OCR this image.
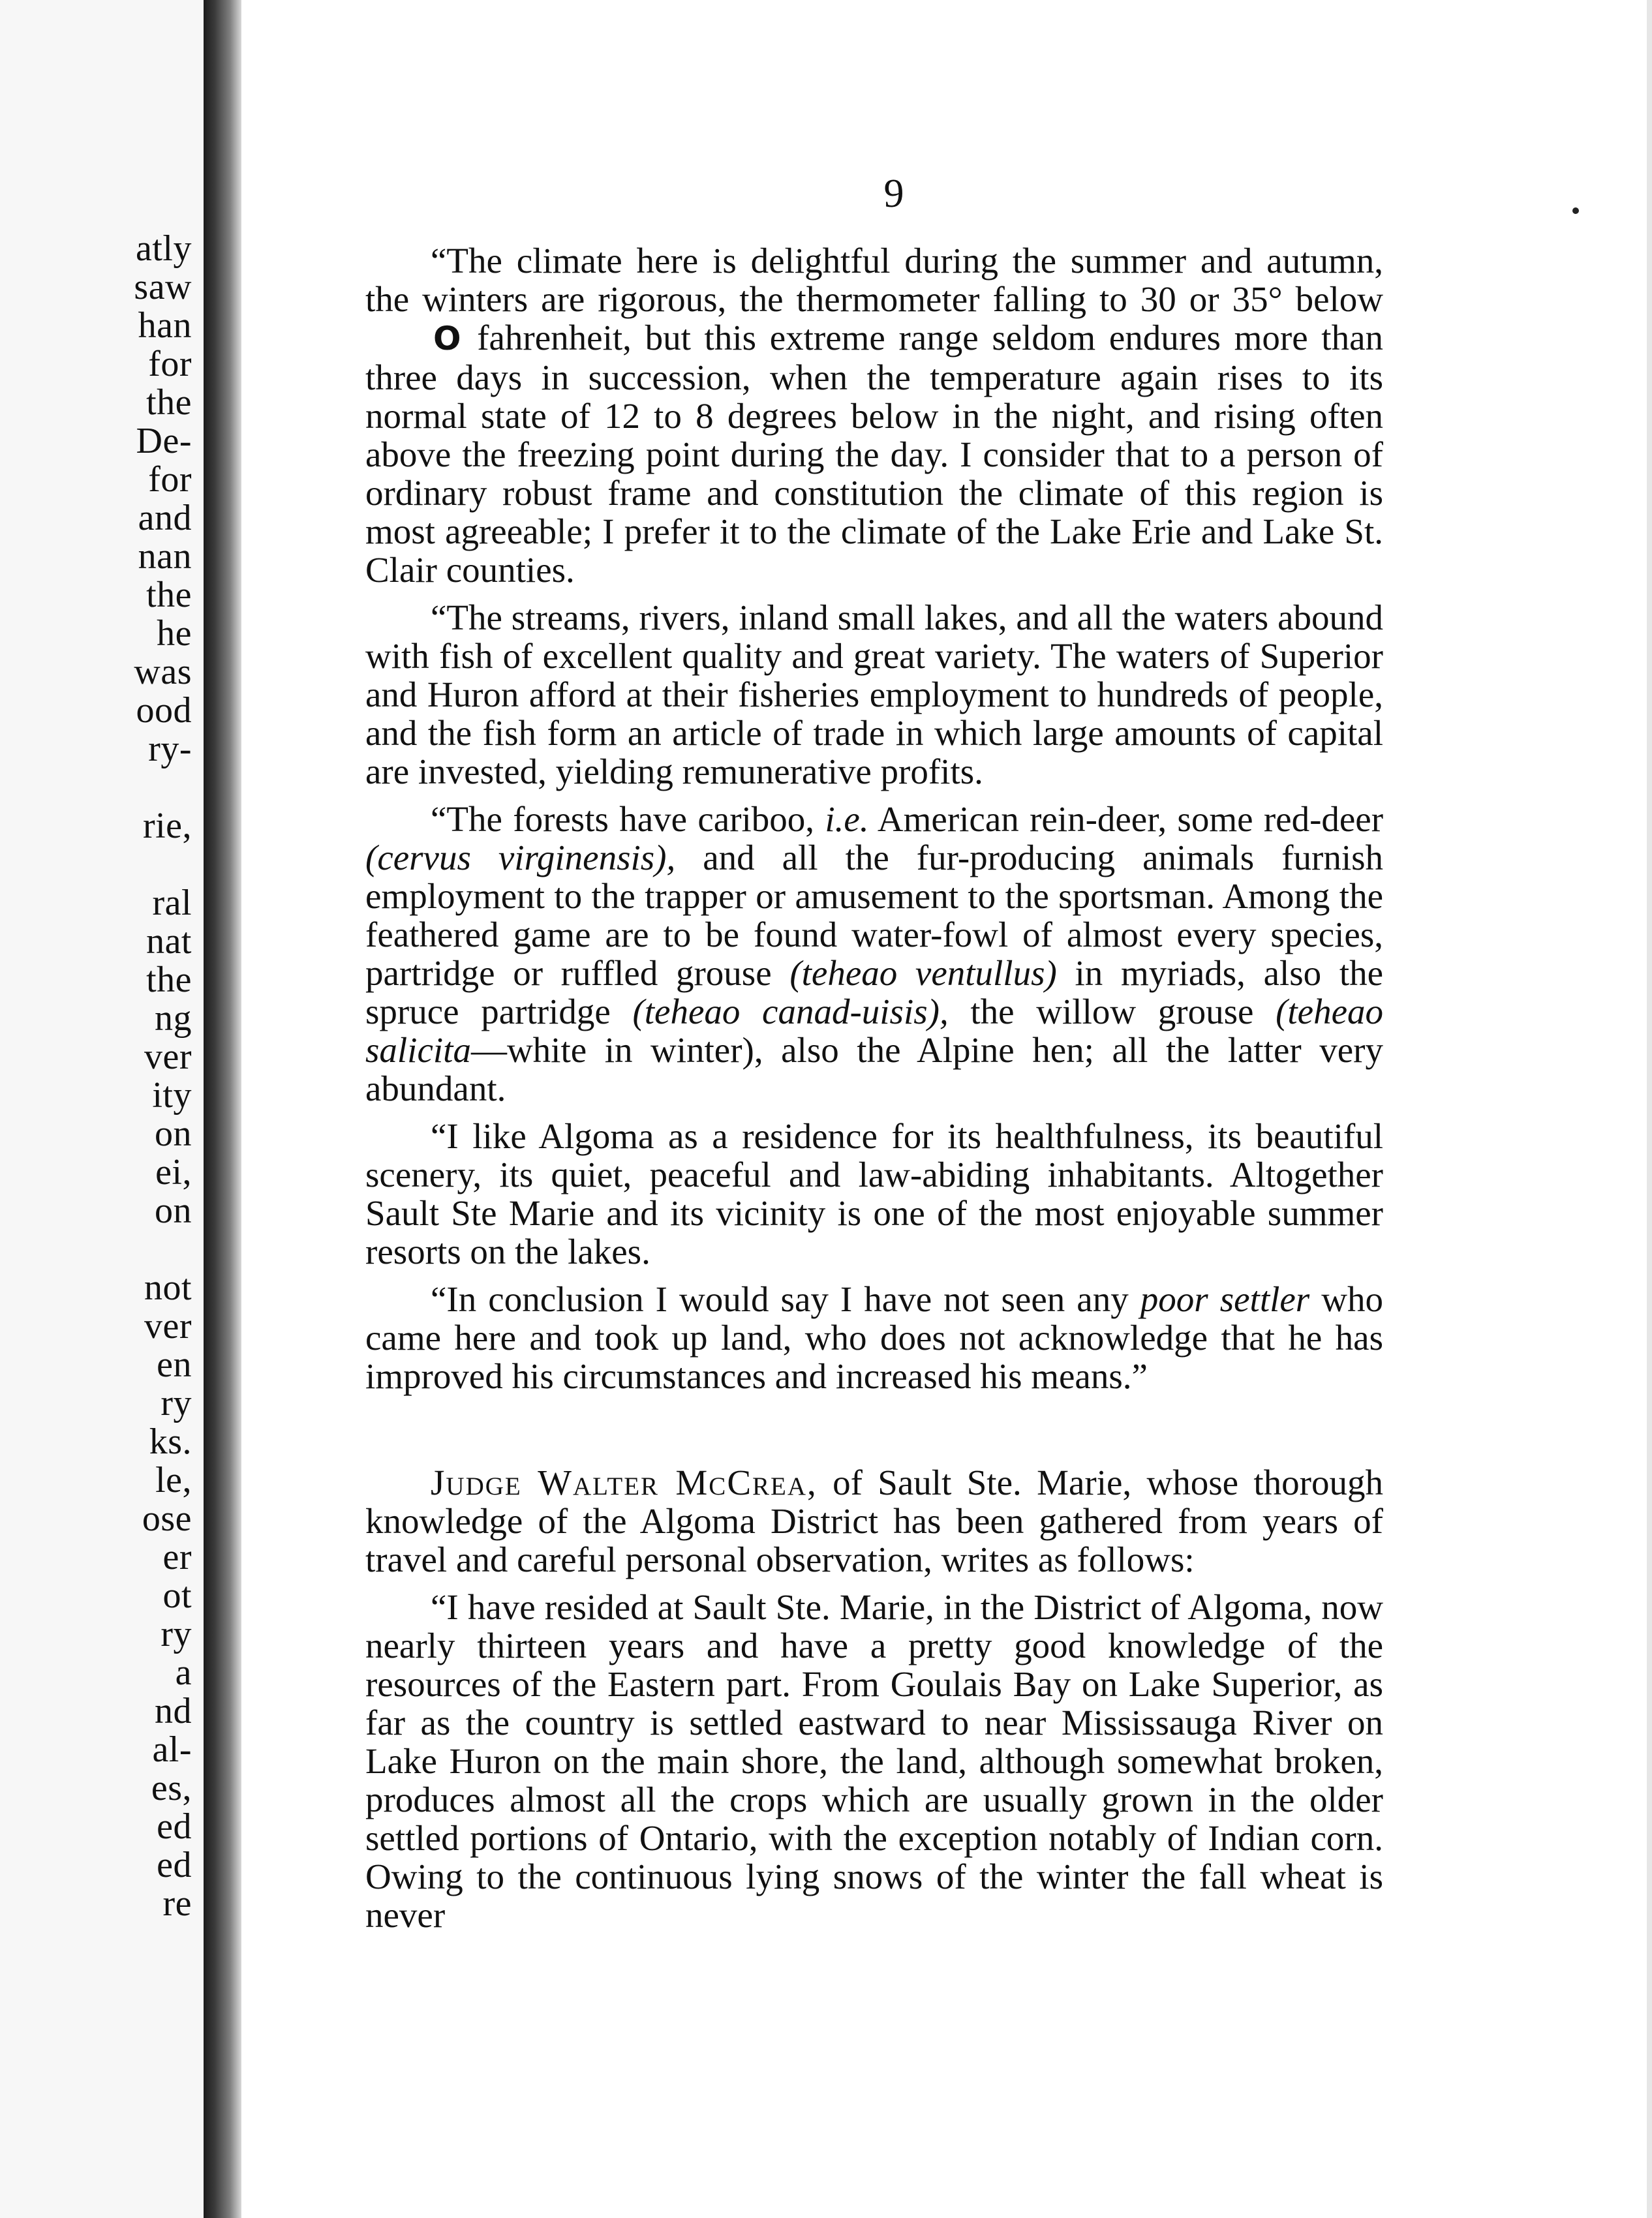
atly
saw
han
for
the
De-
for
and
nan
the
he
was
ood
ry-
rie,
ral
nat
the
ng
ver
ity
on
ei,
on
not
ver
en
ry
ks.
le,
ose
er
ot
ry
a
nd
al-
es,
ed
ed
re
9

“The climate here is delightful during the summer and autumn, the winters are rigorous, the thermometer falling to 30 or 35° below O fahrenheit, but this extreme range seldom endures more than three days in succession, when the temperature again rises to its normal state of 12 to 8 degrees below in the night, and rising often above the freezing point during the day. I consider that to a person of ordinary robust frame and constitution the climate of this region is most agreeable; I prefer it to the climate of the Lake Erie and Lake St. Clair counties.

“The streams, rivers, inland small lakes, and all the waters abound with fish of excellent quality and great variety. The waters of Superior and Huron afford at their fisheries employment to hundreds of people, and the fish form an article of trade in which large amounts of capital are invested, yielding remunerative profits.

“The forests have cariboo, i.e. American rein-deer, some red-deer (cervus virginensis), and all the fur-producing animals furnish employment to the trapper or amusement to the sportsman. Among the feathered game are to be found water-fowl of almost every species, partridge or ruffled grouse (teheao ventullus) in myriads, also the spruce partridge (teheao canad-uisis), the willow grouse (teheao salicita—white in winter), also the Alpine hen; all the latter very abundant.

“I like Algoma as a residence for its healthfulness, its beautiful scenery, its quiet, peaceful and law-abiding inhabitants. Altogether Sault Ste Marie and its vicinity is one of the most enjoyable summer resorts on the lakes.

“In conclusion I would say I have not seen any poor settler who came here and took up land, who does not acknowledge that he has improved his circumstances and increased his means.”

Judge Walter McCrea, of Sault Ste. Marie, whose thorough knowledge of the Algoma District has been gathered from years of travel and careful personal observation, writes as follows:

“I have resided at Sault Ste. Marie, in the District of Algoma, now nearly thirteen years and have a pretty good knowledge of the resources of the Eastern part. From Goulais Bay on Lake Superior, as far as the country is settled eastward to near Mississauga River on Lake Huron on the main shore, the land, although somewhat broken, produces almost all the crops which are usually grown in the older settled portions of Ontario, with the exception notably of Indian corn. Owing to the continuous lying snows of the winter the fall wheat is never
